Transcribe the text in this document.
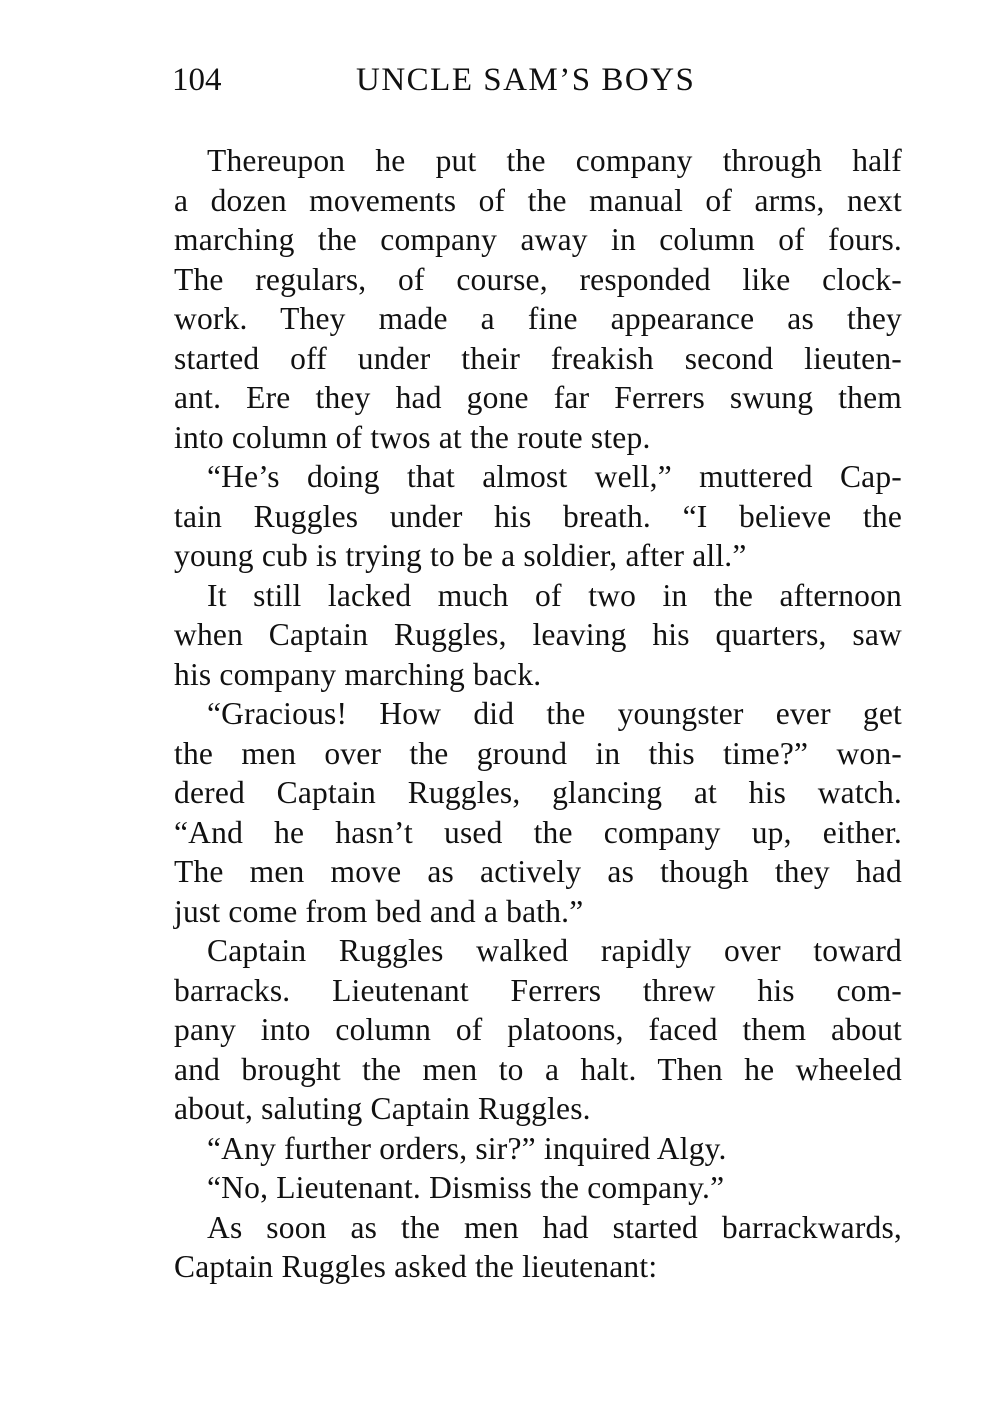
104	UNCLE SAM’S BOYS
Thereupon he put the company through half
a dozen movements of the manual of arms, next
marching the company away in column of fours.
The regulars, of course, responded like clock-
work. They made a fine appearance as they
started off under their freakish second lieuten-
ant. Ere they had gone far Ferrers swung them
into column of twos at the route step.
“He’s doing that almost well,” muttered Cap-
tain Ruggles under his breath. “I believe the
young cub is trying to be a soldier, after all.”
It still lacked much of two in the afternoon
when Captain Ruggles, leaving his quarters, saw
his company marching back.
“Gracious! How did the youngster ever get
the men over the ground in this time?” won-
dered Captain Ruggles, glancing at his watch.
“And he hasn’t used the company up, either.
The men move as actively as though they had
just come from bed and a bath.”
Captain Ruggles walked rapidly over toward
barracks. Lieutenant Ferrers threw his com-
pany into column of platoons, faced them about
and brought the men to a halt. Then he wheeled
about, saluting Captain Ruggles.
“Any further orders, sir?” inquired Algy.
“No, Lieutenant. Dismiss the company.”
As soon as the men had started barrackwards,
Captain Ruggles asked the lieutenant:
